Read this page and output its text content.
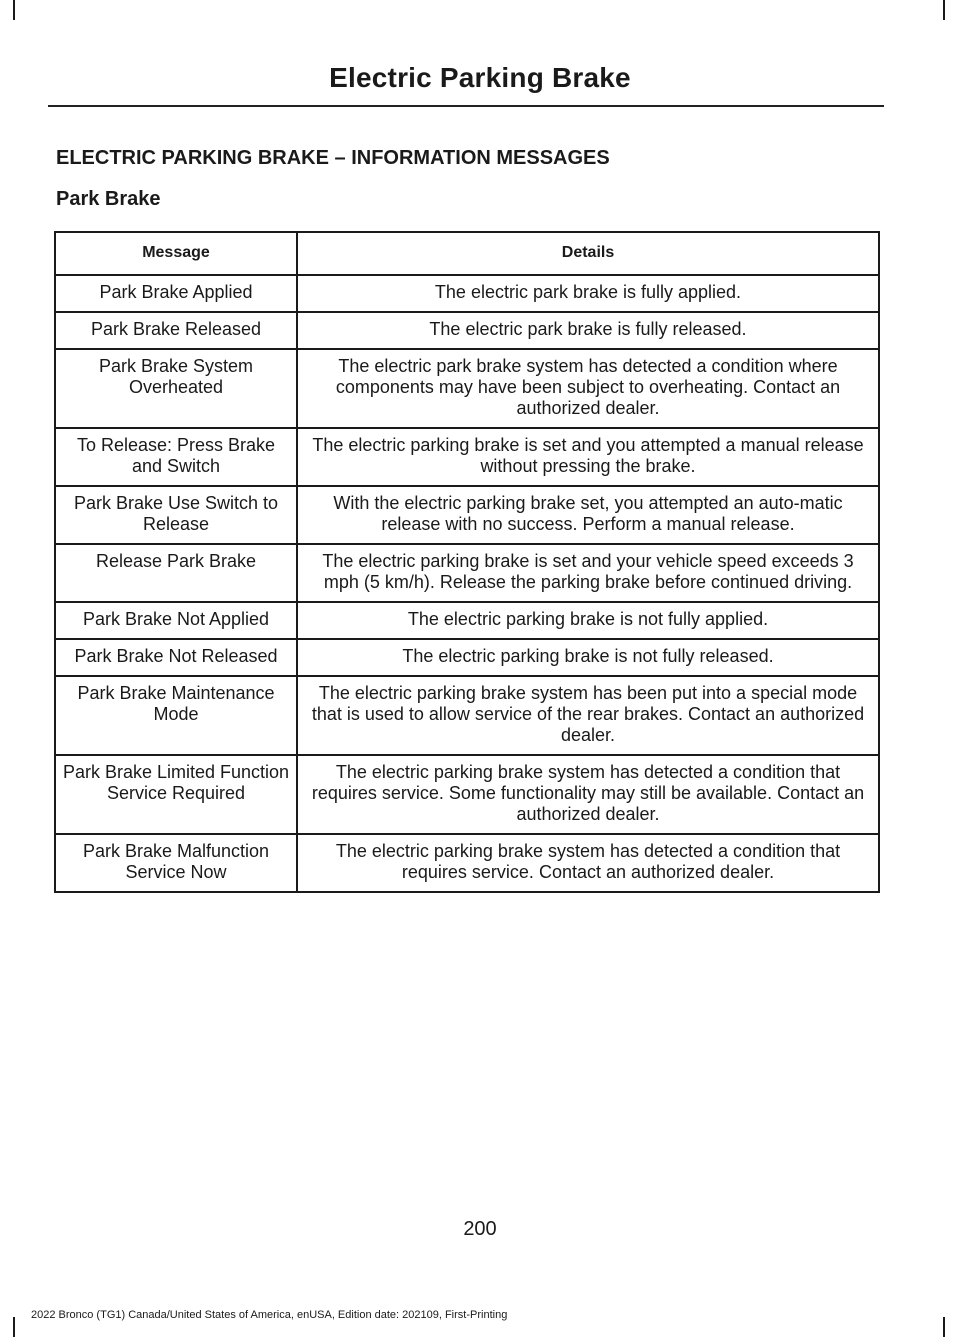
Electric Parking Brake
ELECTRIC PARKING BRAKE – INFORMATION MESSAGES
Park Brake
Message	Details
Park Brake Applied	The electric park brake is fully applied.
Park Brake Released	The electric park brake is fully released.
Park Brake System Overheated	The electric park brake system has detected a condition where components may have been subject to overheating. Contact an authorized dealer.
To Release: Press Brake and Switch	The electric parking brake is set and you attempted a manual release without pressing the brake.
Park Brake Use Switch to Release	With the electric parking brake set, you attempted an auto-matic release with no success. Perform a manual release.
Release Park Brake	The electric parking brake is set and your vehicle speed exceeds 3 mph (5 km/h). Release the parking brake before continued driving.
Park Brake Not Applied	The electric parking brake is not fully applied.
Park Brake Not Released	The electric parking brake is not fully released.
Park Brake Maintenance Mode	The electric parking brake system has been put into a special mode that is used to allow service of the rear brakes. Contact an authorized dealer.
Park Brake Limited Function Service Required	The electric parking brake system has detected a condition that requires service. Some functionality may still be available. Contact an authorized dealer.
Park Brake Malfunction Service Now	The electric parking brake system has detected a condition that requires service. Contact an authorized dealer.
200
2022 Bronco (TG1) Canada/United States of America, enUSA, Edition date: 202109, First-Printing
